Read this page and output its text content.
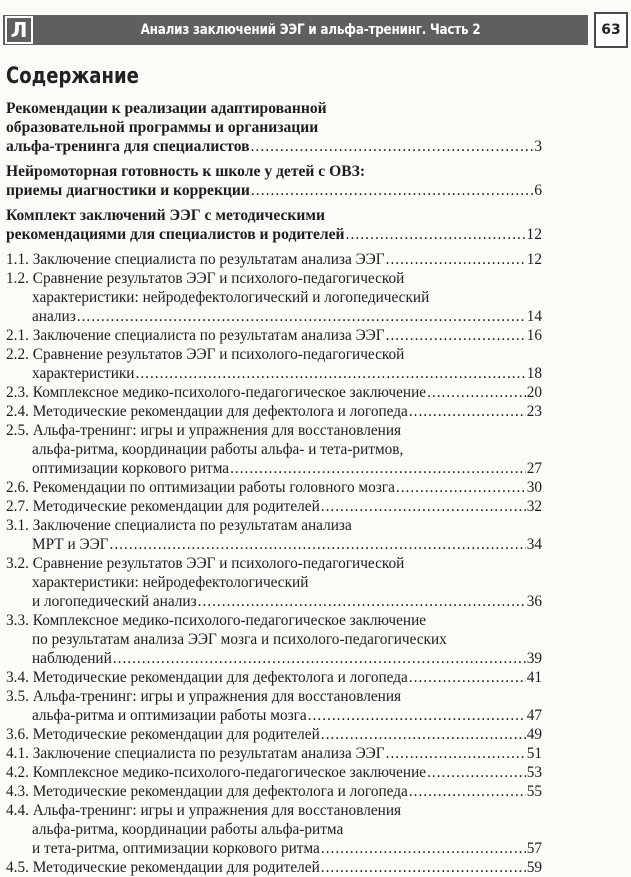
Л	Анализ заключений ЭЭГ и альфа-тренинг. Часть 2	63
Содержание
Рекомендации к реализации адаптированной
образовательной программы и организации
альфа-тренинга для специалистов .....	3
Нейромоторная готовность к школе у детей с ОВЗ:
приемы диагностики и коррекции .....	6
Комплект заключений ЭЭГ с методическими
рекомендациями для специалистов и родителей .....	12
1.1. Заключение специалиста по результатам анализа ЭЭГ .....	12
1.2. Сравнение результатов ЭЭГ и психолого-педагогической
характеристики: нейродефектологический и логопедический
анализ .....	14
2.1. Заключение специалиста по результатам анализа ЭЭГ .....	16
2.2. Сравнение результатов ЭЭГ и психолого-педагогической
характеристики .....	18
2.3. Комплексное медико-психолого-педагогическое заключение .....	20
2.4. Методические рекомендации для дефектолога и логопеда .....	23
2.5. Альфа-тренинг: игры и упражнения для восстановления
альфа-ритма, координации работы альфа- и тета-ритмов,
оптимизации коркового ритма .....	27
2.6. Рекомендации по оптимизации работы головного мозга .....	30
2.7. Методические рекомендации для родителей .....	32
3.1. Заключение специалиста по результатам анализа
МРТ и ЭЭГ .....	34
3.2. Сравнение результатов ЭЭГ и психолого-педагогической
характеристики: нейродефектологический
и логопедический анализ .....	36
3.3. Комплексное медико-психолого-педагогическое заключение
по результатам анализа ЭЭГ мозга и психолого-педагогических
наблюдений .....	39
3.4. Методические рекомендации для дефектолога и логопеда .....	41
3.5. Альфа-тренинг: игры и упражнения для восстановления
альфа-ритма и оптимизации работы мозга .....	47
3.6. Методические рекомендации для родителей .....	49
4.1. Заключение специалиста по результатам анализа ЭЭГ .....	51
4.2. Комплексное медико-психолого-педагогическое заключение .....	53
4.3. Методические рекомендации для дефектолога и логопеда .....	55
4.4. Альфа-тренинг: игры и упражнения для восстановления
альфа-ритма, координации работы альфа-ритма
и тета-ритма, оптимизации коркового ритма .....	57
4.5. Методические рекомендации для родителей .....	59
